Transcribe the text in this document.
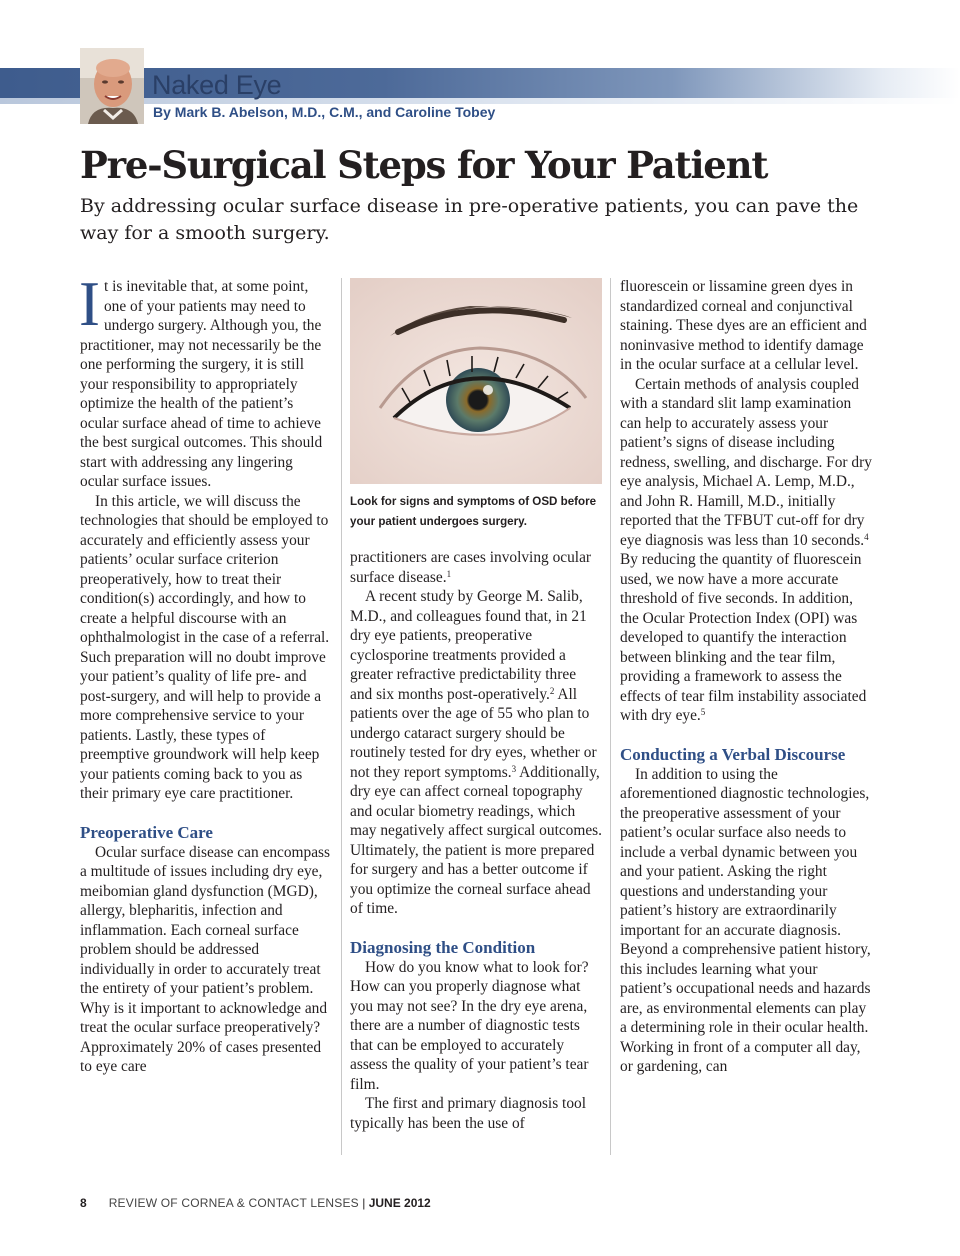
Naked Eye
By Mark B. Abelson, M.D., C.M., and Caroline Tobey
Pre-Surgical Steps for Your Patient
By addressing ocular surface disease in pre-operative patients, you can pave the way for a smooth surgery.

It is inevitable that, at some point, one of your patients may need to undergo surgery. Although you, the practitioner, may not necessarily be the one performing the surgery, it is still your responsibility to appropriately optimize the health of the patient’s ocular surface ahead of time to achieve the best surgical outcomes. This should start with addressing any lingering ocular surface issues.

In this article, we will discuss the technologies that should be employed to accurately and efficiently assess your patients’ ocular surface criterion preoperatively, how to treat their condition(s) accordingly, and how to create a helpful discourse with an ophthalmologist in the case of a referral. Such preparation will no doubt improve your patient’s quality of life pre- and post-surgery, and will help to provide a more comprehensive service to your patients. Lastly, these types of preemptive groundwork will help keep your patients coming back to you as their primary eye care practitioner.

Preoperative Care

Ocular surface disease can encompass a multitude of issues including dry eye, meibomian gland dysfunction (MGD), allergy, blepharitis, infection and inflammation. Each corneal surface problem should be addressed individually in order to accurately treat the entirety of your patient’s problem. Why is it important to acknowledge and treat the ocular surface preoperatively? Approximately 20% of cases presented to eye care

Look for signs and symptoms of OSD before your patient undergoes surgery.

practitioners are cases involving ocular surface disease.$^1$

A recent study by George M. Salib, M.D., and colleagues found that, in 21 dry eye patients, preoperative cyclosporine treatments provided a greater refractive predictability three and six months post-operatively.$^2$ All patients over the age of 55 who plan to undergo cataract surgery should be routinely tested for dry eyes, whether or not they report symptoms.$^3$ Additionally, dry eye can affect corneal topography and ocular biometry readings, which may negatively affect surgical outcomes. Ultimately, the patient is more prepared for surgery and has a better outcome if you optimize the corneal surface ahead of time.

Diagnosing the Condition

How do you know what to look for? How can you properly diagnose what you may not see? In the dry eye arena, there are a number of diagnostic tests that can be employed to accurately assess the quality of your patient’s tear film.

The first and primary diagnosis tool typically has been the use of

fluorescein or lissamine green dyes in standardized corneal and conjunctival staining. These dyes are an efficient and noninvasive method to identify damage in the ocular surface at a cellular level.

Certain methods of analysis coupled with a standard slit lamp examination can help to accurately assess your patient’s signs of disease including redness, swelling, and discharge. For dry eye analysis, Michael A. Lemp, M.D., and John R. Hamill, M.D., initially reported that the TFBUT cut-off for dry eye diagnosis was less than 10 seconds.$^4$ By reducing the quantity of fluorescein used, we now have a more accurate threshold of five seconds. In addition, the Ocular Protection Index (OPI) was developed to quantify the interaction between blinking and the tear film, providing a framework to assess the effects of tear film instability associated with dry eye.$^5$

Conducting a Verbal Discourse

In addition to using the aforementioned diagnostic technologies, the preoperative assessment of your patient’s ocular surface also needs to include a verbal dynamic between you and your patient. Asking the right questions and understanding your patient’s history are extraordinarily important for an accurate diagnosis. Beyond a comprehensive patient history, this includes learning what your patient’s occupational needs and hazards are, as environmental elements can play a determining role in their ocular health. Working in front of a computer all day, or gardening, can

8 REVIEW OF CORNEA & CONTACT LENSES | JUNE 2012
